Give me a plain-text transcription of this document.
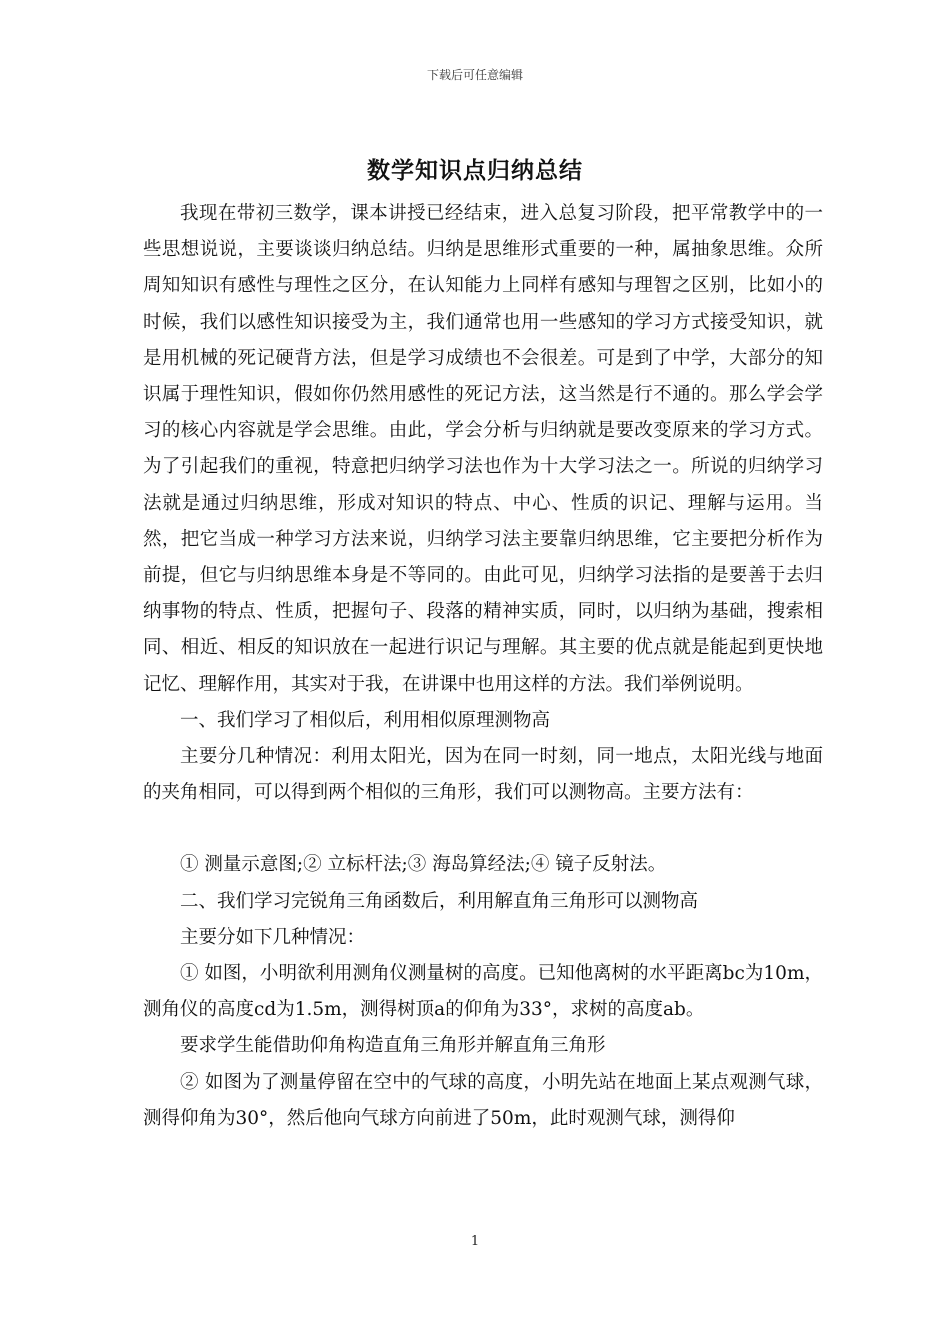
下载后可任意编辑
数学知识点归纳总结

我现在带初三数学，课本讲授已经结束，进入总复习阶段，把平常教学中的一些思想说说，主要谈谈归纳总结。归纳是思维形式重要的一种，属抽象思维。众所周知知识有感性与理性之区分，在认知能力上同样有感知与理智之区别，比如小的时候，我们以感性知识接受为主，我们通常也用一些感知的学习方式接受知识，就是用机械的死记硬背方法，但是学习成绩也不会很差。可是到了中学，大部分的知识属于理性知识，假如你仍然用感性的死记方法，这当然是行不通的。那么学会学习的核心内容就是学会思维。由此，学会分析与归纳就是要改变原来的学习方式。为了引起我们的重视，特意把归纳学习法也作为十大学习法之一。所说的归纳学习法就是通过归纳思维，形成对知识的特点、中心、性质的识记、理解与运用。当然，把它当成一种学习方法来说，归纳学习法主要靠归纳思维，它主要把分析作为前提，但它与归纳思维本身是不等同的。由此可见，归纳学习法指的是要善于去归纳事物的特点、性质，把握句子、段落的精神实质，同时，以归纳为基础，搜索相同、相近、相反的知识放在一起进行识记与理解。其主要的优点就是能起到更快地记忆、理解作用，其实对于我，在讲课中也用这样的方法。我们举例说明。

一、我们学习了相似后，利用相似原理测物高

主要分几种情况：利用太阳光，因为在同一时刻，同一地点，太阳光线与地面的夹角相同，可以得到两个相似的三角形，我们可以测物高。主要方法有：

① 测量示意图;② 立标杆法;③ 海岛算经法;④ 镜子反射法。

二、我们学习完锐角三角函数后，利用解直角三角形可以测物高

主要分如下几种情况：

① 如图，小明欲利用测角仪测量树的高度。已知他离树的水平距离bc为10m，测角仪的高度cd为1.5m，测得树顶a的仰角为33°，求树的高度ab。

要求学生能借助仰角构造直角三角形并解直角三角形

② 如图为了测量停留在空中的气球的高度，小明先站在地面上某点观测气球，测得仰角为30°，然后他向气球方向前进了50m，此时观测气球，测得仰

1
